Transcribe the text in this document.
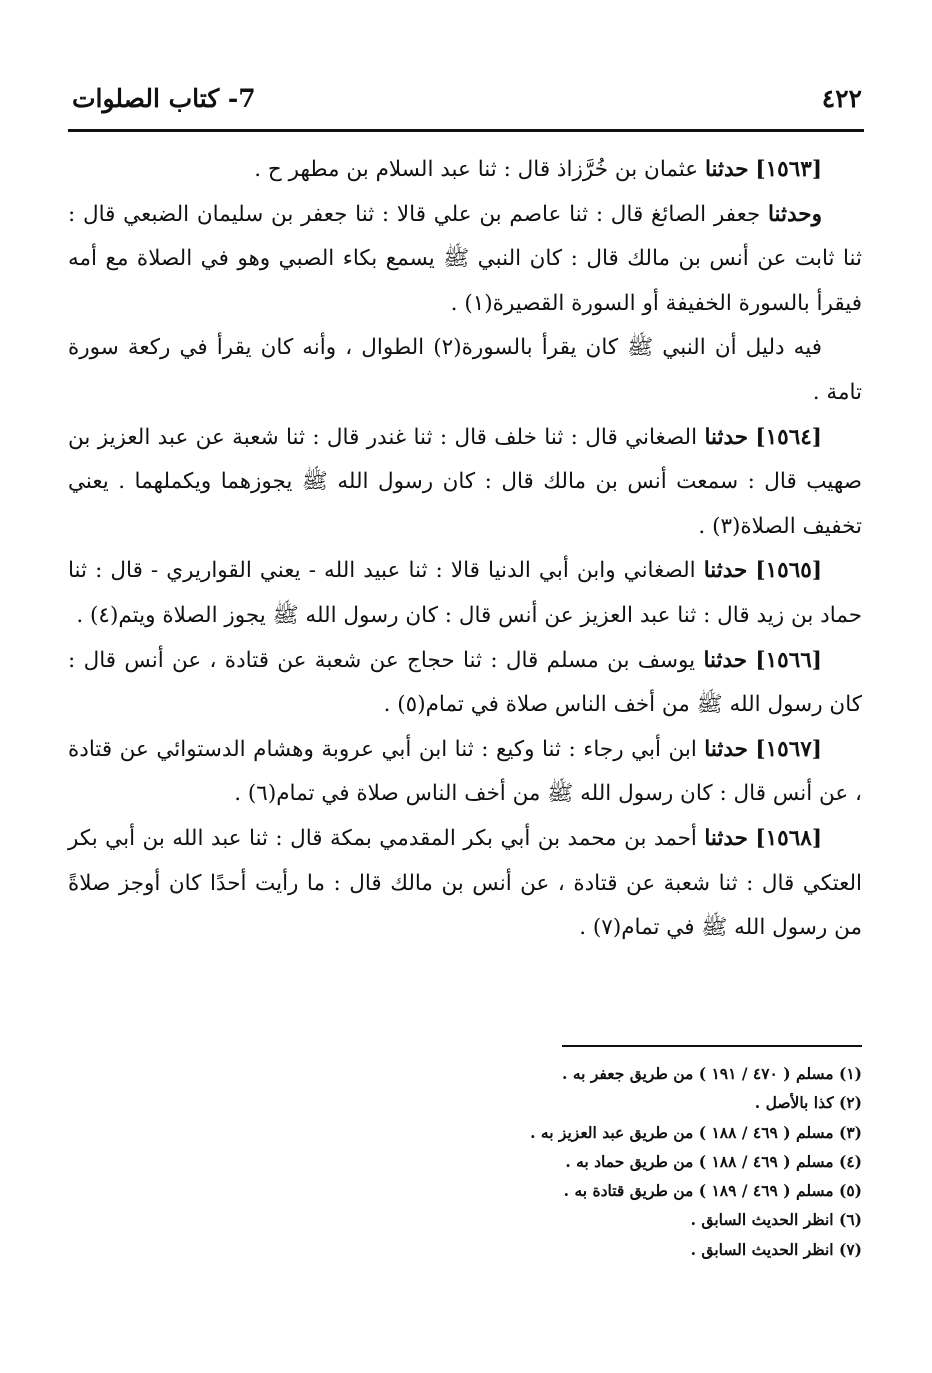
٤٢٢
7- كتاب الصلوات

[١٥٦٣] حدثنا عثمان بن خُرَّزاذ قال : ثنا عبد السلام بن مطهر ح .

وحدثنا جعفر الصائغ قال : ثنا عاصم بن علي قالا : ثنا جعفر بن سليمان الضبعي قال : ثنا ثابت عن أنس بن مالك قال : كان النبي ﷺ يسمع بكاء الصبي وهو في الصلاة مع أمه فيقرأ بالسورة الخفيفة أو السورة القصيرة(١) .

فيه دليل أن النبي ﷺ كان يقرأ بالسورة(٢) الطوال ، وأنه كان يقرأ في ركعة سورة تامة .

[١٥٦٤] حدثنا الصغاني قال : ثنا خلف قال : ثنا غندر قال : ثنا شعبة عن عبد العزيز بن صهيب قال : سمعت أنس بن مالك قال : كان رسول الله ﷺ يجوزهما ويكملهما . يعني تخفيف الصلاة(٣) .

[١٥٦٥] حدثنا الصغاني وابن أبي الدنيا قالا : ثنا عبيد الله - يعني القواريري - قال : ثنا حماد بن زيد قال : ثنا عبد العزيز عن أنس قال : كان رسول الله ﷺ يجوز الصلاة ويتم(٤) .

[١٥٦٦] حدثنا يوسف بن مسلم قال : ثنا حجاج عن شعبة عن قتادة ، عن أنس قال : كان رسول الله ﷺ من أخف الناس صلاة في تمام(٥) .

[١٥٦٧] حدثنا ابن أبي رجاء : ثنا وكيع : ثنا ابن أبي عروبة وهشام الدستوائي عن قتادة ، عن أنس قال : كان رسول الله ﷺ من أخف الناس صلاة في تمام(٦) .

[١٥٦٨] حدثنا أحمد بن محمد بن أبي بكر المقدمي بمكة قال : ثنا عبد الله بن أبي بكر العتكي قال : ثنا شعبة عن قتادة ، عن أنس بن مالك قال : ما رأيت أحدًا كان أوجز صلاةً من رسول الله ﷺ في تمام(٧) .

(١) مسلم ( ٤٧٠ / ١٩١ ) من طريق جعفر به .

(٢) كذا بالأصل .

(٣) مسلم ( ٤٦٩ / ١٨٨ ) من طريق عبد العزيز به .

(٤) مسلم ( ٤٦٩ / ١٨٨ ) من طريق حماد به .

(٥) مسلم ( ٤٦٩ / ١٨٩ ) من طريق قتادة به .

(٦) انظر الحديث السابق .

(٧) انظر الحديث السابق .
